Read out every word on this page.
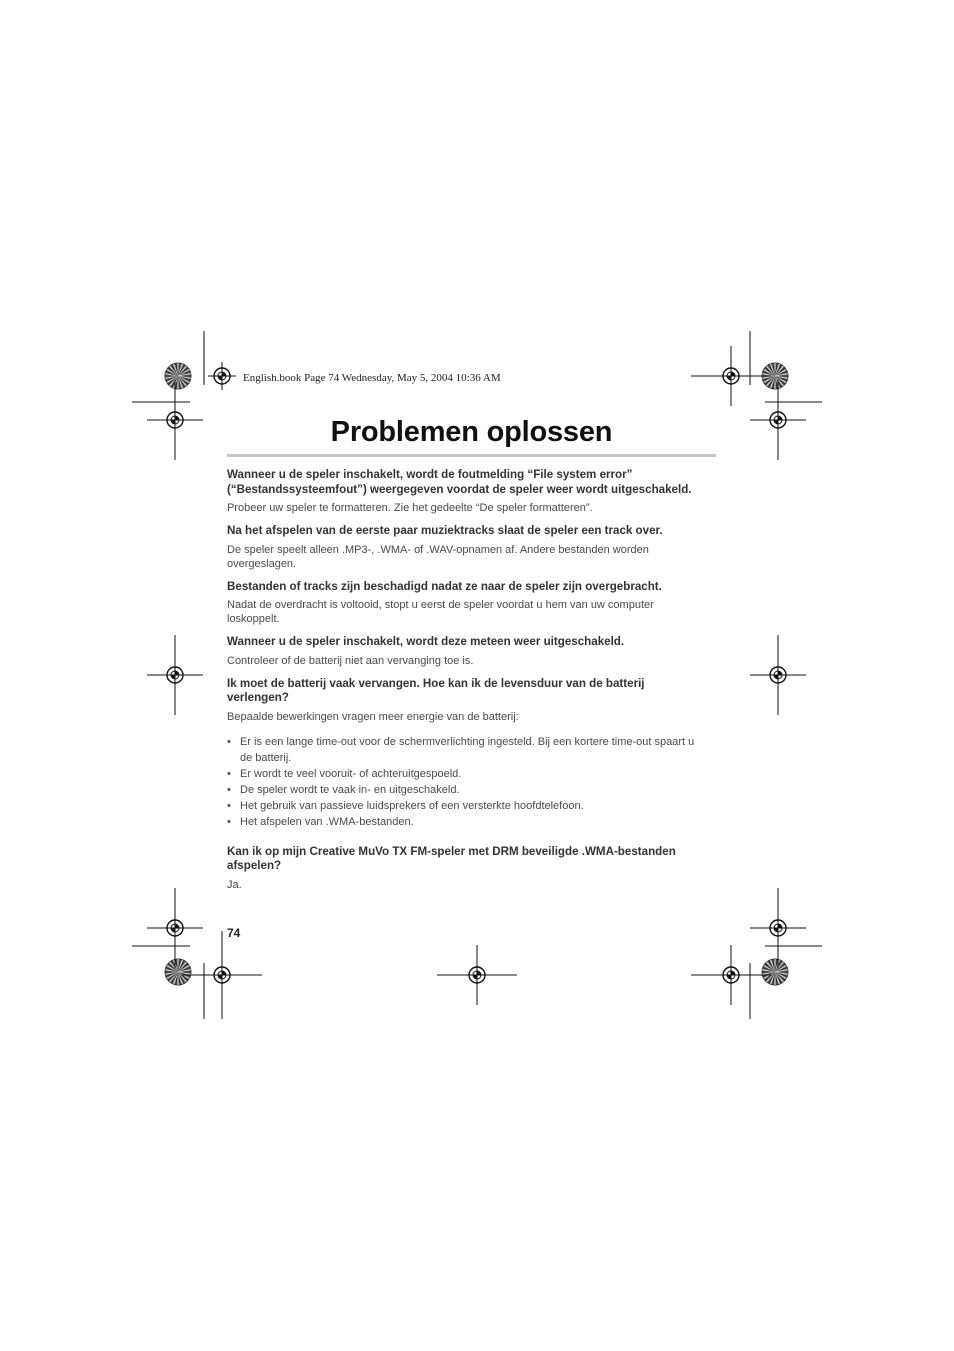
English.book Page 74 Wednesday, May 5, 2004 10:36 AM
Problemen oplossen

Wanneer u de speler inschakelt, wordt de foutmelding “File system error” (“Bestandssysteemfout”) weergegeven voordat de speler weer wordt uitgeschakeld.

Probeer uw speler te formatteren. Zie het gedeelte “De speler formatteren”.

Na het afspelen van de eerste paar muziektracks slaat de speler een track over.

De speler speelt alleen .MP3-, .WMA- of .WAV-opnamen af. Andere bestanden worden overgeslagen.

Bestanden of tracks zijn beschadigd nadat ze naar de speler zijn overgebracht.

Nadat de overdracht is voltooid, stopt u eerst de speler voordat u hem van uw computer loskoppelt.

Wanneer u de speler inschakelt, wordt deze meteen weer uitgeschakeld.

Controleer of de batterij niet aan vervanging toe is.

Ik moet de batterij vaak vervangen. Hoe kan ik de levensduur van de batterij verlengen?

Bepaalde bewerkingen vragen meer energie van de batterij:

• Er is een lange time-out voor de schermverlichting ingesteld. Bij een kortere time-out spaart u de batterij.
• Er wordt te veel vooruit- of achteruitgespoeld.
• De speler wordt te vaak in- en uitgeschakeld.
• Het gebruik van passieve luidsprekers of een versterkte hoofdtelefoon.
• Het afspelen van .WMA-bestanden.

Kan ik op mijn Creative MuVo TX FM-speler met DRM beveiligde .WMA-bestanden afspelen?

Ja.

74
